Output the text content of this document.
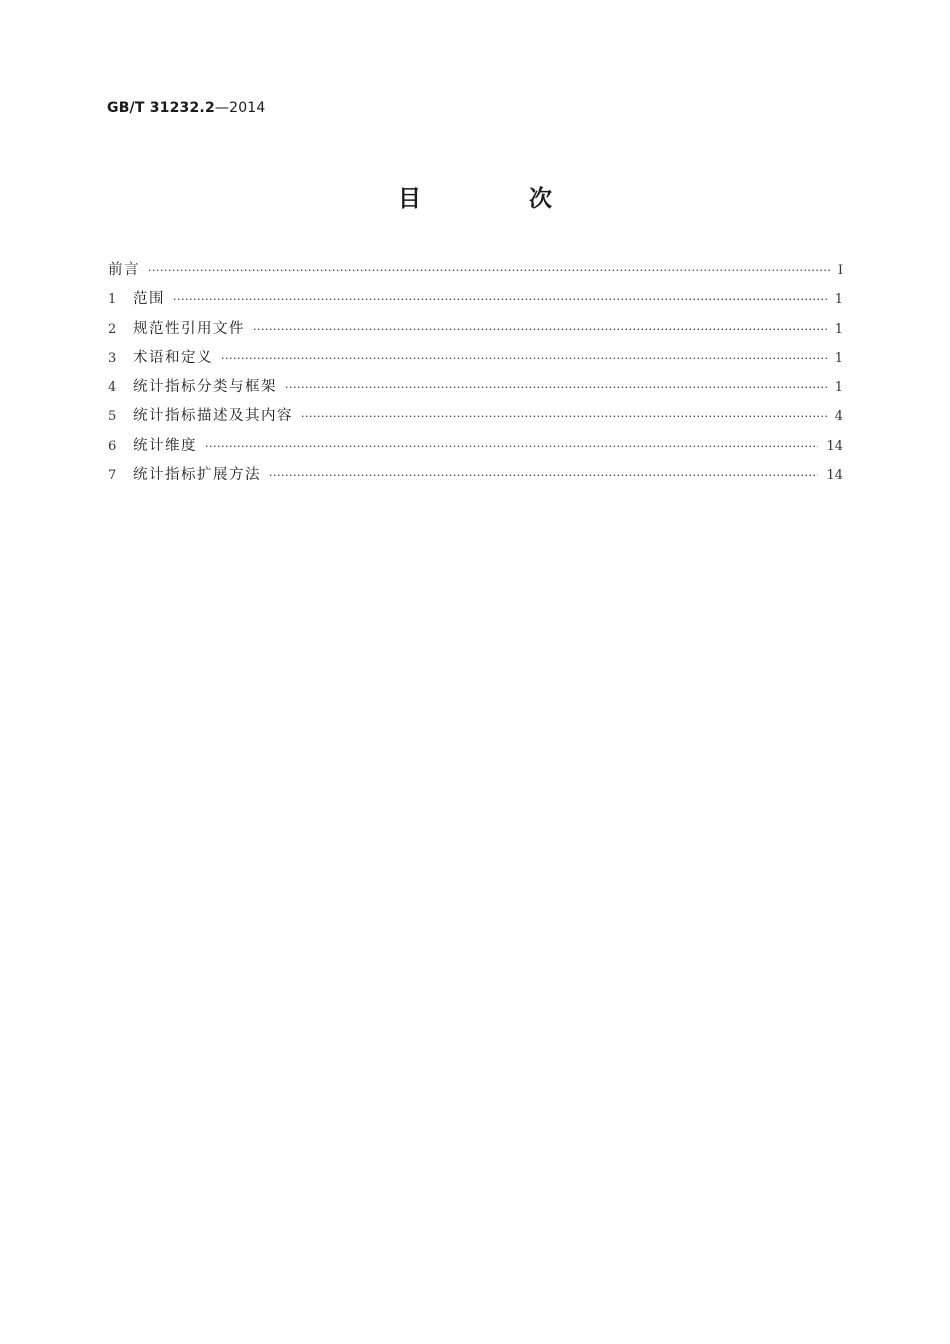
GB/T 31232.2—2014
目 次
前言 ·····	Ⅰ
1	范围 ·····	1
2	规范性引用文件 ·····	1
3	术语和定义 ·····	1
4	统计指标分类与框架 ·····	1
5	统计指标描述及其内容 ·····	4
6	统计维度 ·····	14
7	统计指标扩展方法 ·····	14
